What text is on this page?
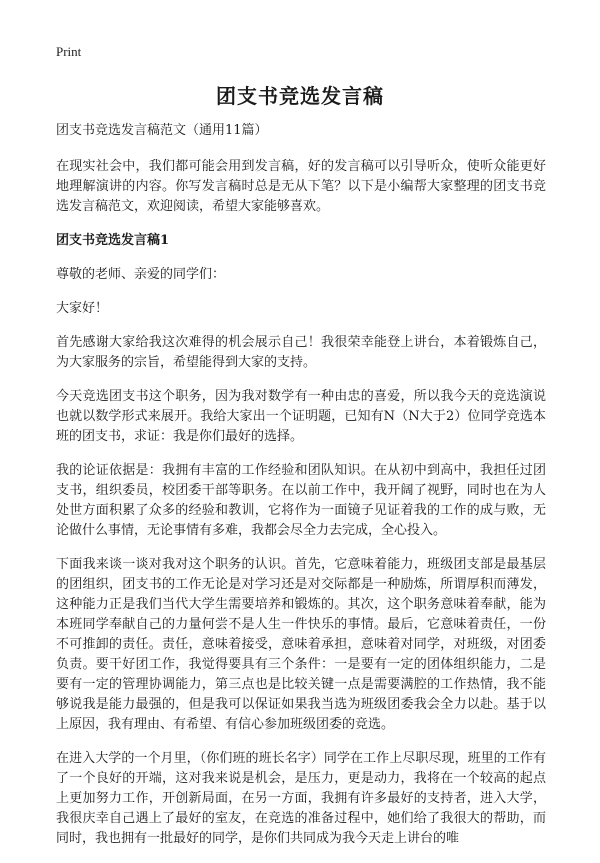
Print
团支书竞选发言稿

团支书竞选发言稿范文（通用11篇）

在现实社会中，我们都可能会用到发言稿，好的发言稿可以引导听众，使听众能更好地理解演讲的内容。你写发言稿时总是无从下笔？以下是小编帮大家整理的团支书竞选发言稿范文，欢迎阅读，希望大家能够喜欢。

团支书竞选发言稿1

尊敬的老师、亲爱的同学们：

大家好！

首先感谢大家给我这次难得的机会展示自己！我很荣幸能登上讲台，本着锻炼自己，为大家服务的宗旨，希望能得到大家的支持。

今天竞选团支书这个职务，因为我对数学有一种由忠的喜爱，所以我今天的竞选演说也就以数学形式来展开。我给大家出一个证明题，已知有N（N大于2）位同学竞选本班的团支书，求证：我是你们最好的选择。

我的论证依据是：我拥有丰富的工作经验和团队知识。在从初中到高中，我担任过团支书，组织委员，校团委干部等职务。在以前工作中，我开阔了视野，同时也在为人处世方面积累了众多的经验和教训，它将作为一面镜子见证着我的工作的成与败，无论做什么事情，无论事情有多难，我都会尽全力去完成，全心投入。

下面我来谈一谈对我对这个职务的认识。首先，它意味着能力，班级团支部是最基层的团组织，团支书的工作无论是对学习还是对交际都是一种励炼，所谓厚积而薄发，这种能力正是我们当代大学生需要培养和锻炼的。其次，这个职务意味着奉献，能为本班同学奉献自己的力量何尝不是人生一件快乐的事情。最后，它意味着责任，一份不可推卸的责任。责任，意味着接受，意味着承担，意味着对同学，对班级，对团委负责。要干好团工作，我觉得要具有三个条件：一是要有一定的团体组织能力，二是要有一定的管理协调能力，第三点也是比较关键一点是需要满腔的工作热情，我不能够说我是能力最强的，但是我可以保证如果我当选为班级团委我会全力以赴。基于以上原因，我有理由、有希望、有信心参加班级团委的竞选。

在进入大学的一个月里，（你们班的班长名字）同学在工作上尽职尽现，班里的工作有了一个良好的开端，这对我来说是机会，是压力，更是动力，我将在一个较高的起点上更加努力工作，开创新局面，在另一方面，我拥有许多最好的支持者，进入大学，我很庆幸自己遇上了最好的室友，在竞选的准备过程中，她们给了我很大的帮助，而同时，我也拥有一批最好的同学，是你们共同成为我今天走上讲台的唯
